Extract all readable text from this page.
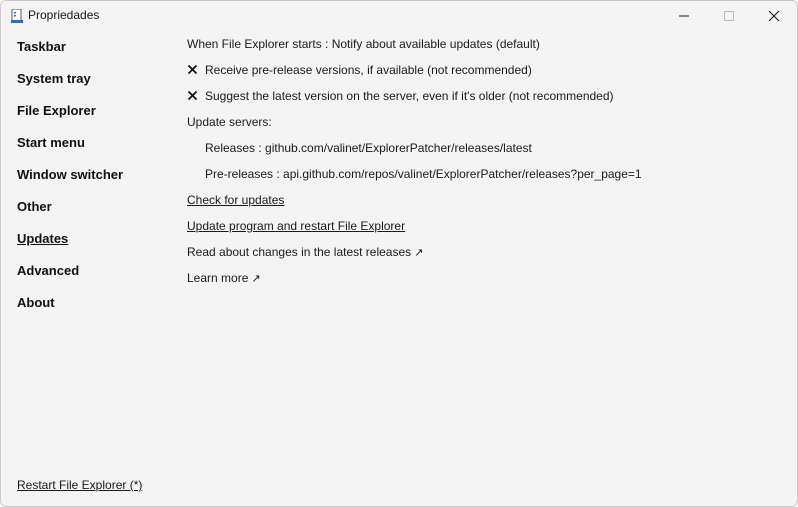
Propriedades
Taskbar
System tray
File Explorer
Start menu
Window switcher
Other
Updates
Advanced
About
When File Explorer starts : Notify about available updates (default)
Receive pre-release versions, if available (not recommended)
Suggest the latest version on the server, even if it's older (not recommended)
Update servers:
Releases : github.com/valinet/ExplorerPatcher/releases/latest
Pre-releases : api.github.com/repos/valinet/ExplorerPatcher/releases?per_page=1
Check for updates
Update program and restart File Explorer
Read about changes in the latest releases ↗
Learn more ↗
Restart File Explorer (*)
